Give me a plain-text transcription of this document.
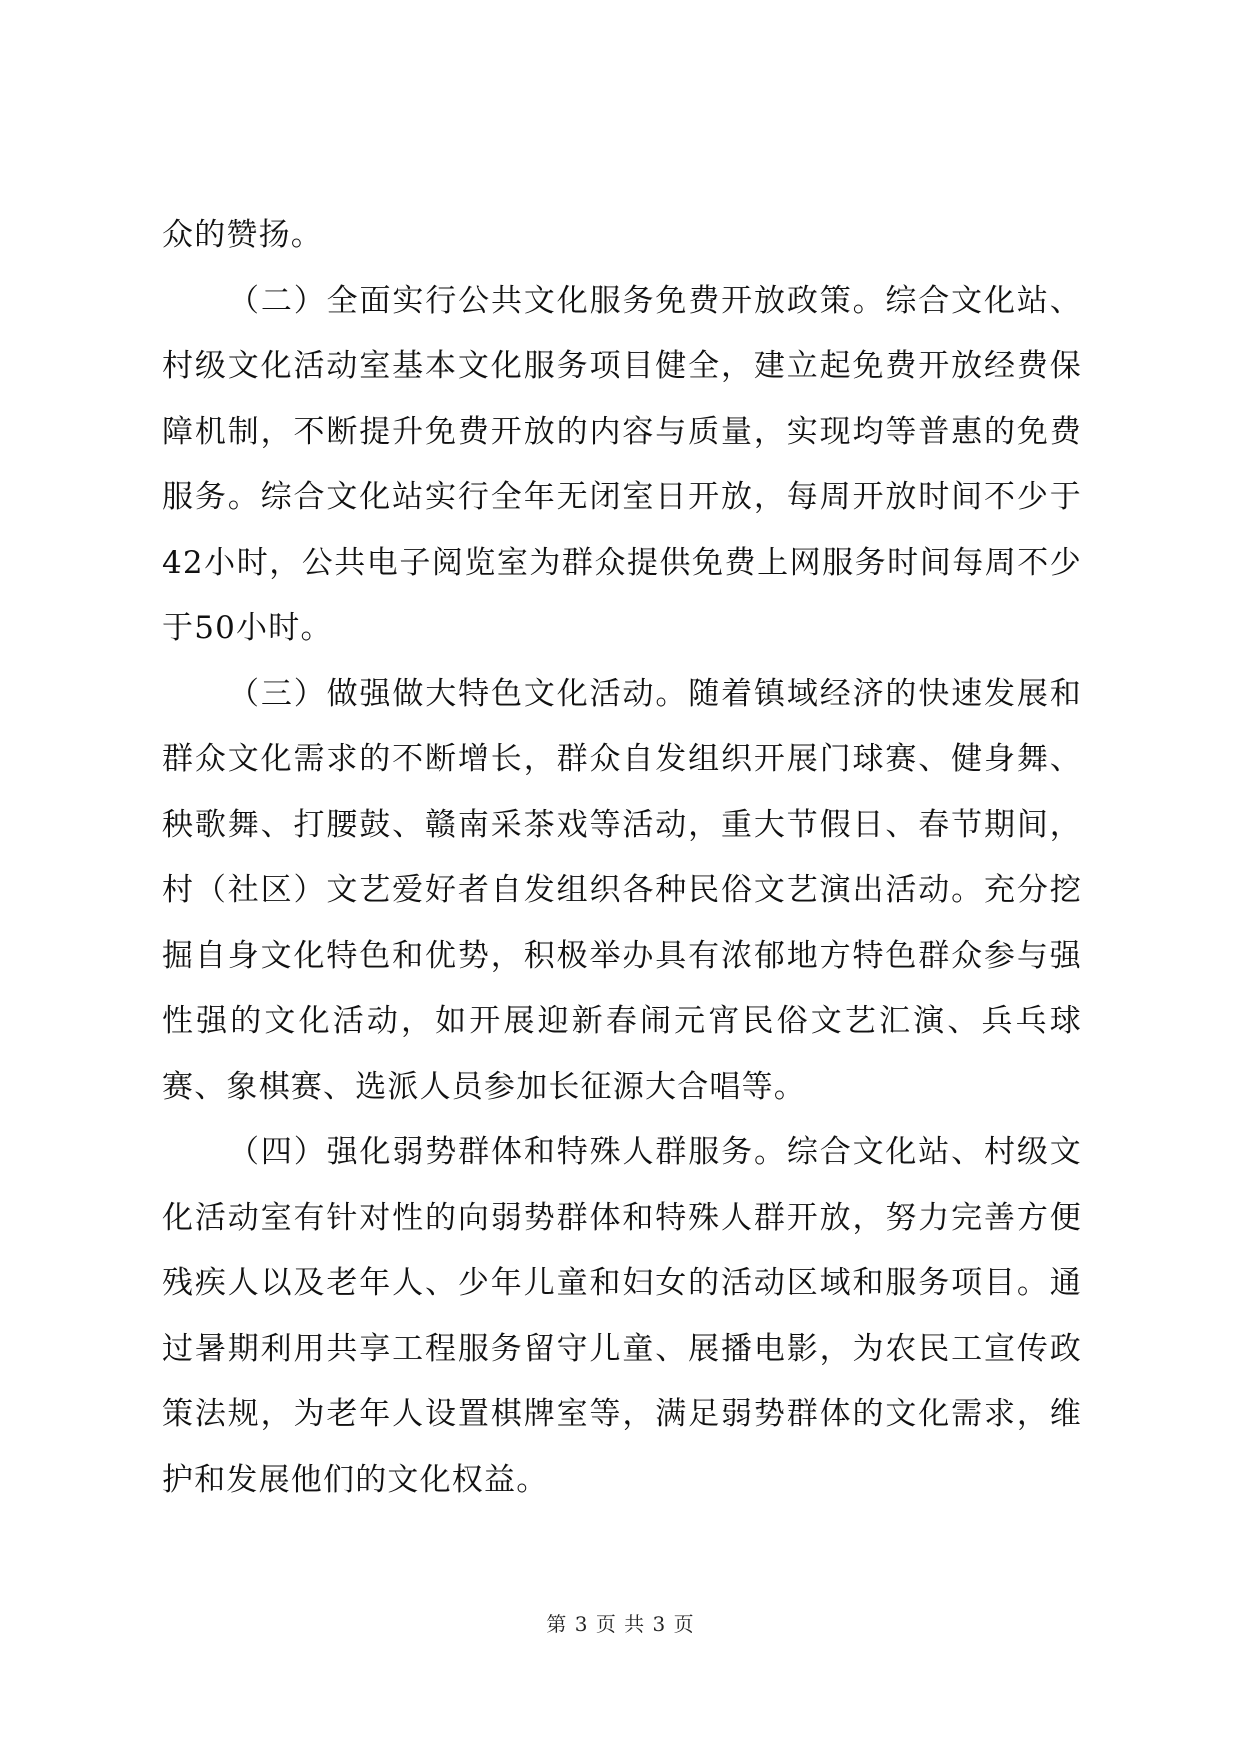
众的赞扬。

（二）全面实行公共文化服务免费开放政策。综合文化站、村级文化活动室基本文化服务项目健全，建立起免费开放经费保障机制，不断提升免费开放的内容与质量，实现均等普惠的免费服务。综合文化站实行全年无闭室日开放，每周开放时间不少于42小时，公共电子阅览室为群众提供免费上网服务时间每周不少于50小时。

（三）做强做大特色文化活动。随着镇域经济的快速发展和群众文化需求的不断增长，群众自发组织开展门球赛、健身舞、秧歌舞、打腰鼓、赣南采茶戏等活动，重大节假日、春节期间，村（社区）文艺爱好者自发组织各种民俗文艺演出活动。充分挖掘自身文化特色和优势，积极举办具有浓郁地方特色群众参与强性强的文化活动，如开展迎新春闹元宵民俗文艺汇演、兵乓球赛、象棋赛、选派人员参加长征源大合唱等。

（四）强化弱势群体和特殊人群服务。综合文化站、村级文化活动室有针对性的向弱势群体和特殊人群开放，努力完善方便残疾人以及老年人、少年儿童和妇女的活动区域和服务项目。通过暑期利用共享工程服务留守儿童、展播电影，为农民工宣传政策法规，为老年人设置棋牌室等，满足弱势群体的文化需求，维护和发展他们的文化权益。

第 3 页 共 3 页
